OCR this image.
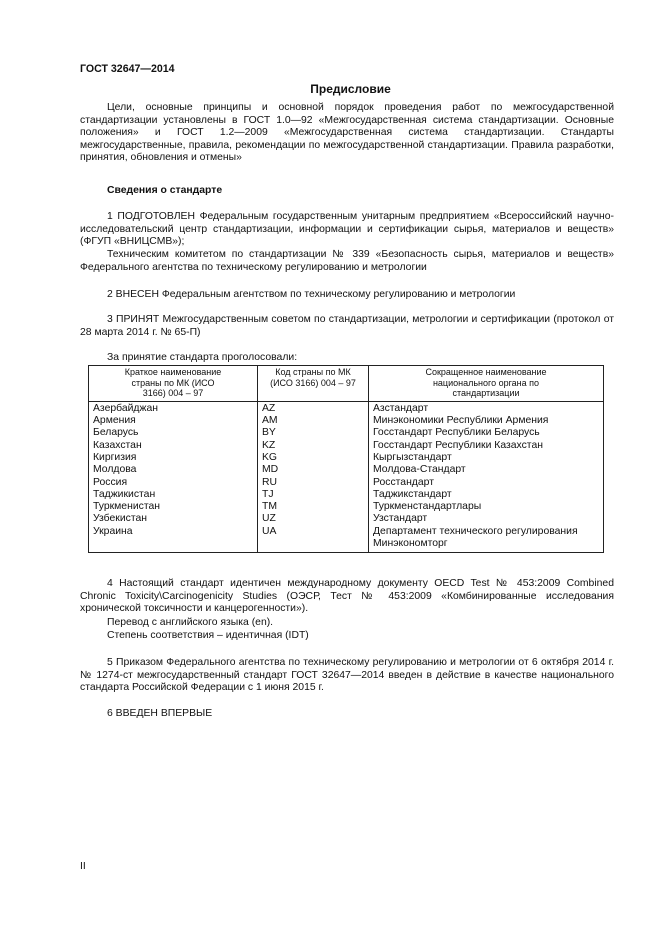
ГОСТ 32647—2014
Предисловие
Цели, основные принципы и основной порядок проведения работ по межгосударственной стандартизации установлены в ГОСТ 1.0—92 «Межгосударственная система стандартизации. Основные положения» и ГОСТ 1.2—2009 «Межгосударственная система стандартизации. Стандарты межгосударственные, правила, рекомендации по межгосударственной стандартизации. Правила разработки, принятия, обновления и отмены»
Сведения о стандарте
1 ПОДГОТОВЛЕН Федеральным государственным унитарным предприятием «Всероссийский научно-исследовательский центр стандартизации, информации и сертификации сырья, материалов и веществ» (ФГУП «ВНИЦСМВ»);
Техническим комитетом по стандартизации № 339 «Безопасность сырья, материалов и веществ» Федерального агентства по техническому регулированию и метрологии
2 ВНЕСЕН Федеральным агентством по техническому регулированию и метрологии
3 ПРИНЯТ Межгосударственным советом по стандартизации, метрологии и сертификации (протокол от 28 марта 2014 г. № 65-П)
За принятие стандарта проголосовали:
Краткое наименование страны по МК (ИСО 3166) 004 – 97	Код страны по МК (ИСО 3166) 004 – 97	Сокращенное наименование национального органа по стандартизации

Азербайджан	AZ	Азстандарт
Армения	AM	Минэкономики Республики Армения
Беларусь	BY	Госстандарт Республики Беларусь
Казахстан	KZ	Госстандарт Республики Казахстан
Киргизия	KG	Кыргызстандарт
Молдова	MD	Молдова-Стандарт
Россия	RU	Росстандарт
Таджикистан	TJ	Таджикстандарт
Туркменистан	TM	Туркменстандартлары
Узбекистан	UZ	Узстандарт
Украина	UA	Департамент технического регулирования Минэкономторг
4 Настоящий стандарт идентичен международному документу OECD Test № 453:2009 Combined Chronic Toxicity\Carcinogenicity Studies (ОЭСР, Тест № 453:2009 «Комбинированные исследования хронической токсичности и канцерогенности»).
Перевод с английского языка (en).
Степень соответствия – идентичная (IDT)
5 Приказом Федерального агентства по техническому регулированию и метрологии от 6 октября 2014 г. № 1274-ст межгосударственный стандарт ГОСТ 32647—2014 введен в действие в качестве национального стандарта Российской Федерации с 1 июня 2015 г.
6 ВВЕДЕН ВПЕРВЫЕ
II
